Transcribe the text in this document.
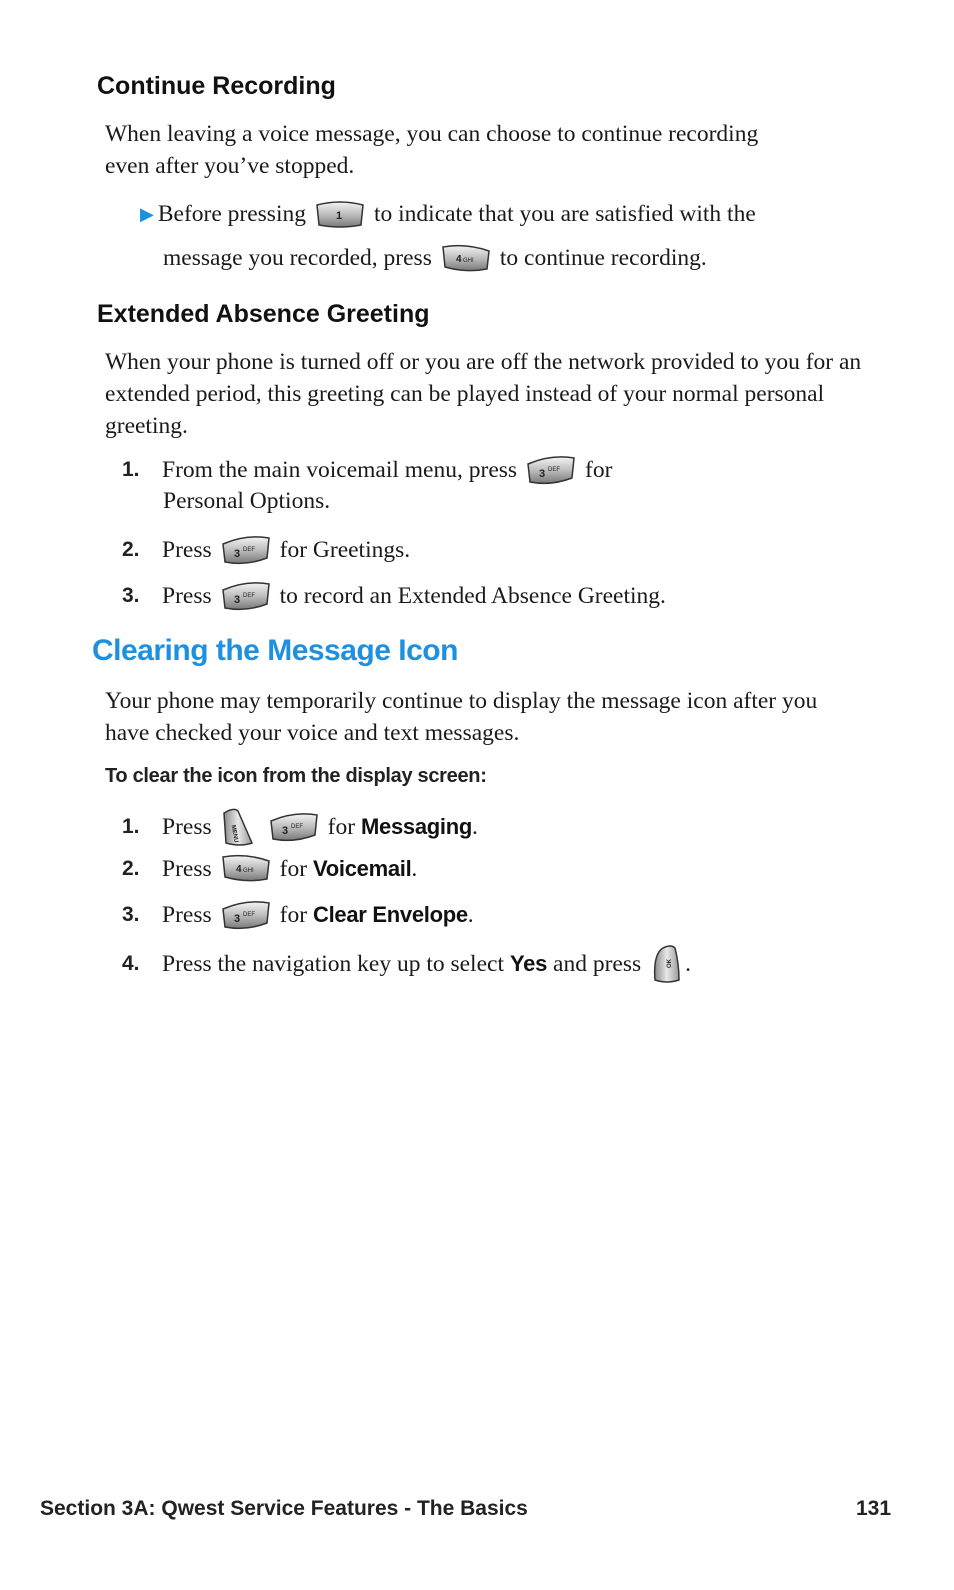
Continue Recording
When leaving a voice message, you can choose to continue recording even after you’ve stopped.
▶ Before pressing	1 to indicate that you are satisfied with the
message you recorded, press 4 GHI to continue recording.
Extended Absence Greeting
When your phone is turned off or you are off the network provided to you for an extended period, this greeting can be played instead of your normal personal greeting.
1. From the main voicemail menu, press 3 DEF for
Personal Options.
2. Press 3 DEF for Greetings.
3. Press 3 DEF to record an Extended Absence Greeting.
Clearing the Message Icon
Your phone may temporarily continue to display the message icon after you have checked your voice and text messages.
To clear the icon from the display screen:
1. Press	MENU	3 DEF for Messaging .
2. Press 4 GHI for Voicemail .
3. Press 3 DEF for Clear Envelope .
4. Press the navigation key up to select Yes and press	OK .
Section 3A: Qwest Service Features - The Basics	131
